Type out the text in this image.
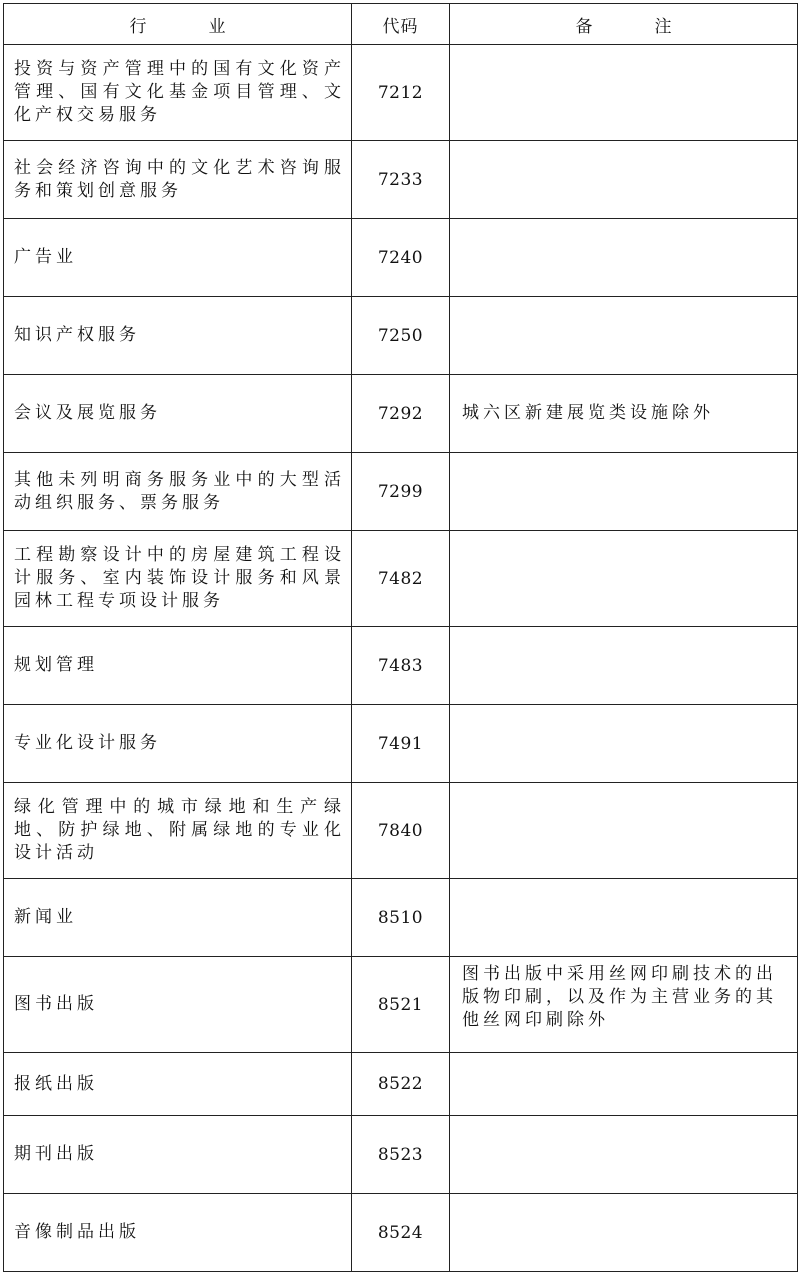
行 业	代码	备 注
投资与资产管理中的国有文化资产管理、国有文化基金项目管理、文化产权交易服务	7212	
社会经济咨询中的文化艺术咨询服务和策划创意服务	7233	
广告业	7240	
知识产权服务	7250	
会议及展览服务	7292	城六区新建展览类设施除外
其他未列明商务服务业中的大型活动组织服务、票务服务	7299	
工程勘察设计中的房屋建筑工程设计服务、室内装饰设计服务和风景园林工程专项设计服务	7482	
规划管理	7483	
专业化设计服务	7491	
绿化管理中的城市绿地和生产绿地、防护绿地、附属绿地的专业化设计活动	7840	
新闻业	8510	
图书出版	8521	图书出版中采用丝网印刷技术的出版物印刷，以及作为主营业务的其他丝网印刷除外
报纸出版	8522	
期刊出版	8523	
音像制品出版	8524	
